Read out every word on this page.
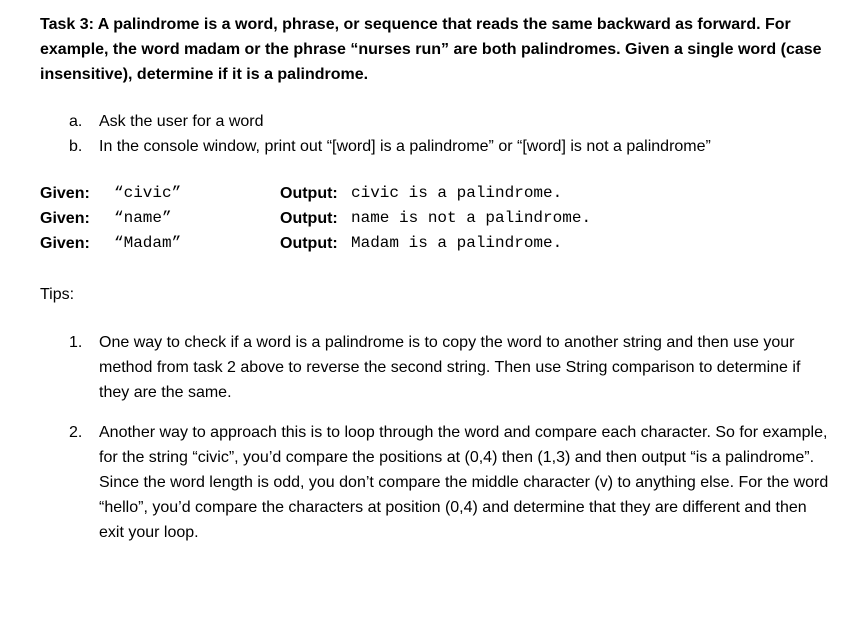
Task 3: A palindrome is a word, phrase, or sequence that reads the same backward as forward. For example, the word madam or the phrase “nurses run” are both palindromes. Given a single word (case insensitive), determine if it is a palindrome.

a. Ask the user for a word
b. In the console window, print out “[word] is a palindrome” or “[word] is not a palindrome”
Given: “civic”	Output: civic is a palindrome.
Given: “name”	Output: name is not a palindrome.
Given: “Madam”	Output: Madam is a palindrome.
Tips:
1. One way to check if a word is a palindrome is to copy the word to another string and then use your method from task 2 above to reverse the second string. Then use String comparison to determine if they are the same.
2. Another way to approach this is to loop through the word and compare each character. So for example, for the string “civic”, you’d compare the positions at (0,4) then (1,3) and then output “is a palindrome”. Since the word length is odd, you don’t compare the middle character (v) to anything else. For the word “hello”, you’d compare the characters at position (0,4) and determine that they are different and then exit your loop.
